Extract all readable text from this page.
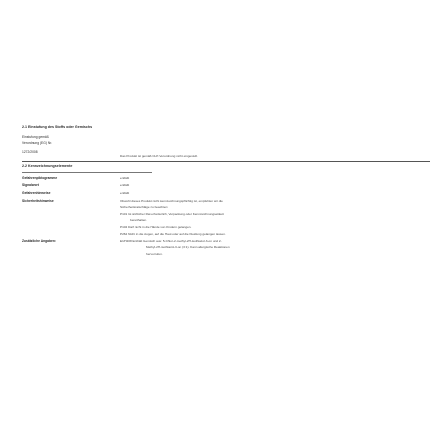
2.1 Einstufung des Stoffs oder Gemischs
Einstufung gemäß
Verordnung (EG) Nr.
1272/2008
Das Produkt ist gemäß CLP-Verordnung nicht eingestuft.
2.2 Kennzeichnungselemente
Gefahrenpiktogramme	entfällt
Signalwort	entfällt
Gefahrenhinweise	entfällt
Sicherheitshinweise	Obwohl dieses Produkt nicht kennzeichnungspflichtig ist, empfehlen wir die
Sicherheitsratschläge zu beachten:
P101 Ist ärztlicher Rat erforderlich, Verpackung oder Kennzeichnungsetikett
bereithalten.
P102 Darf nicht in die Hände von Kindern gelangen.
P262 Nicht in die Augen, auf die Haut oder auf die Kleidung gelangen lassen.
Zusätzliche Angaben:	EUH208 Enthält Gemisch aus: 5-Chlor-2-methyl-2H-isothiazol-3-on und 2-
Methyl-2H-isothiazol-3-on (3:1). Kann allergische Reaktionen
hervorrufen.
